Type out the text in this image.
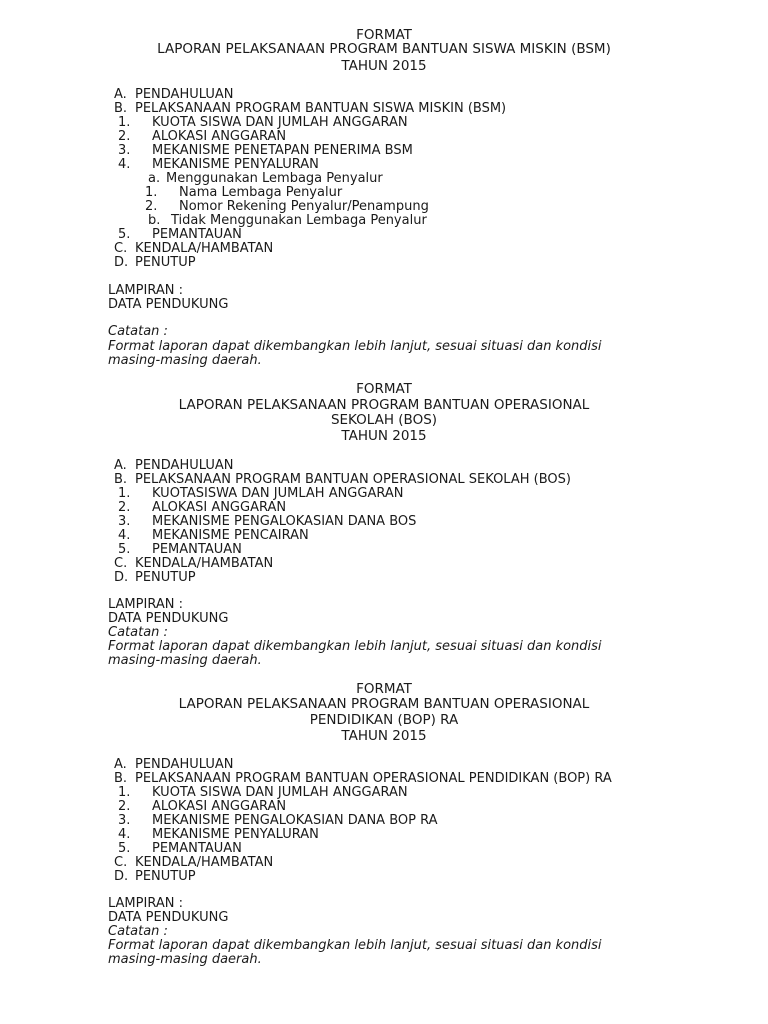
FORMAT
LAPORAN PELAKSANAAN PROGRAM BANTUAN SISWA MISKIN (BSM)
TAHUN 2015
A. PENDAHULUAN
B. PELAKSANAAN PROGRAM BANTUAN SISWA MISKIN (BSM)
1. KUOTA SISWA DAN JUMLAH ANGGARAN
2. ALOKASI ANGGARAN
3. MEKANISME PENETAPAN PENERIMA BSM
4. MEKANISME PENYALURAN
a. Menggunakan Lembaga Penyalur
1. Nama Lembaga Penyalur
2. Nomor Rekening Penyalur/Penampung
b. Tidak Menggunakan Lembaga Penyalur
5. PEMANTAUAN
C. KENDALA/HAMBATAN
D. PENUTUP
LAMPIRAN :
DATA PENDUKUNG
Catatan :
Format laporan dapat dikembangkan lebih lanjut, sesuai situasi dan kondisi
masing-masing daerah.
FORMAT
LAPORAN PELAKSANAAN PROGRAM BANTUAN OPERASIONAL
SEKOLAH (BOS)
TAHUN 2015
A. PENDAHULUAN
B. PELAKSANAAN PROGRAM BANTUAN OPERASIONAL SEKOLAH (BOS)
1. KUOTASISWA DAN JUMLAH ANGGARAN
2. ALOKASI ANGGARAN
3. MEKANISME PENGALOKASIAN DANA BOS
4. MEKANISME PENCAIRAN
5. PEMANTAUAN
C. KENDALA/HAMBATAN
D. PENUTUP
LAMPIRAN :
DATA PENDUKUNG
Catatan :
Format laporan dapat dikembangkan lebih lanjut, sesuai situasi dan kondisi
masing-masing daerah.
FORMAT
LAPORAN PELAKSANAAN PROGRAM BANTUAN OPERASIONAL
PENDIDIKAN (BOP) RA
TAHUN 2015
A. PENDAHULUAN
B. PELAKSANAAN PROGRAM BANTUAN OPERASIONAL PENDIDIKAN (BOP) RA
1. KUOTA SISWA DAN JUMLAH ANGGARAN
2. ALOKASI ANGGARAN
3. MEKANISME PENGALOKASIAN DANA BOP RA
4. MEKANISME PENYALURAN
5. PEMANTAUAN
C. KENDALA/HAMBATAN
D. PENUTUP
LAMPIRAN :
DATA PENDUKUNG
Catatan :
Format laporan dapat dikembangkan lebih lanjut, sesuai situasi dan kondisi
masing-masing daerah.
